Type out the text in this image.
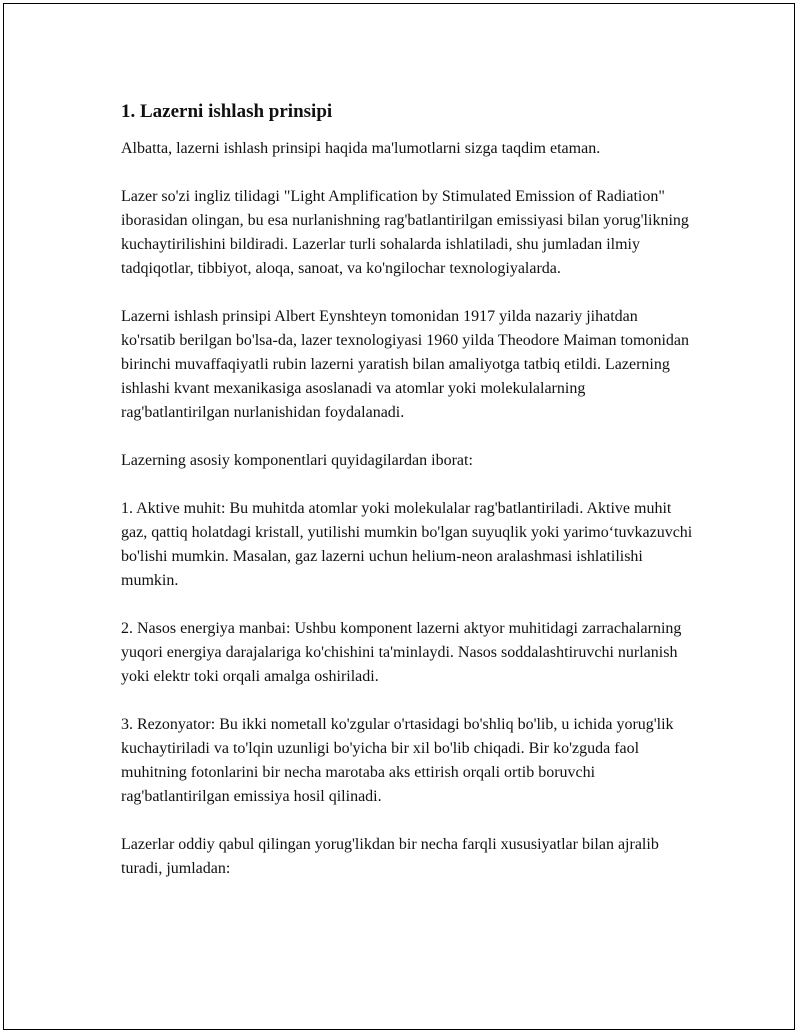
1. Lazerni ishlash prinsipi

Albatta, lazerni ishlash prinsipi haqida ma'lumotlarni sizga taqdim etaman.

Lazer so'zi ingliz tilidagi "Light Amplification by Stimulated Emission of Radiation" iborasidan olingan, bu esa nurlanishning rag'batlantirilgan emissiyasi bilan yorug'likning kuchaytirilishini bildiradi. Lazerlar turli sohalarda ishlatiladi, shu jumladan ilmiy tadqiqotlar, tibbiyot, aloqa, sanoat, va ko'ngilochar texnologiyalarda.

Lazerni ishlash prinsipi Albert Eynshteyn tomonidan 1917 yilda nazariy jihatdan ko'rsatib berilgan bo'lsa-da, lazer texnologiyasi 1960 yilda Theodore Maiman tomonidan birinchi muvaffaqiyatli rubin lazerni yaratish bilan amaliyotga tatbiq etildi. Lazerning ishlashi kvant mexanikasiga asoslanadi va atomlar yoki molekulalarning rag'batlantirilgan nurlanishidan foydalanadi.

Lazerning asosiy komponentlari quyidagilardan iborat:

1. Aktive muhit: Bu muhitda atomlar yoki molekulalar rag'batlantiriladi. Aktive muhit gaz, qattiq holatdagi kristall, yutilishi mumkin bo'lgan suyuqlik yoki yarimo‘tuvkazuvchi bo'lishi mumkin. Masalan, gaz lazerni uchun helium-neon aralashmasi ishlatilishi mumkin.

2. Nasos energiya manbai: Ushbu komponent lazerni aktyor muhitidagi zarrachalarning yuqori energiya darajalariga ko'chishini ta'minlaydi. Nasos soddalashtiruvchi nurlanish yoki elektr toki orqali amalga oshiriladi.

3. Rezonyator: Bu ikki nometall ko'zgular o'rtasidagi bo'shliq bo'lib, u ichida yorug'lik kuchaytiriladi va to'lqin uzunligi bo'yicha bir xil bo'lib chiqadi. Bir ko'zguda faol muhitning fotonlarini bir necha marotaba aks ettirish orqali ortib boruvchi rag'batlantirilgan emissiya hosil qilinadi.

Lazerlar oddiy qabul qilingan yorug'likdan bir necha farqli xususiyatlar bilan ajralib turadi, jumladan:
